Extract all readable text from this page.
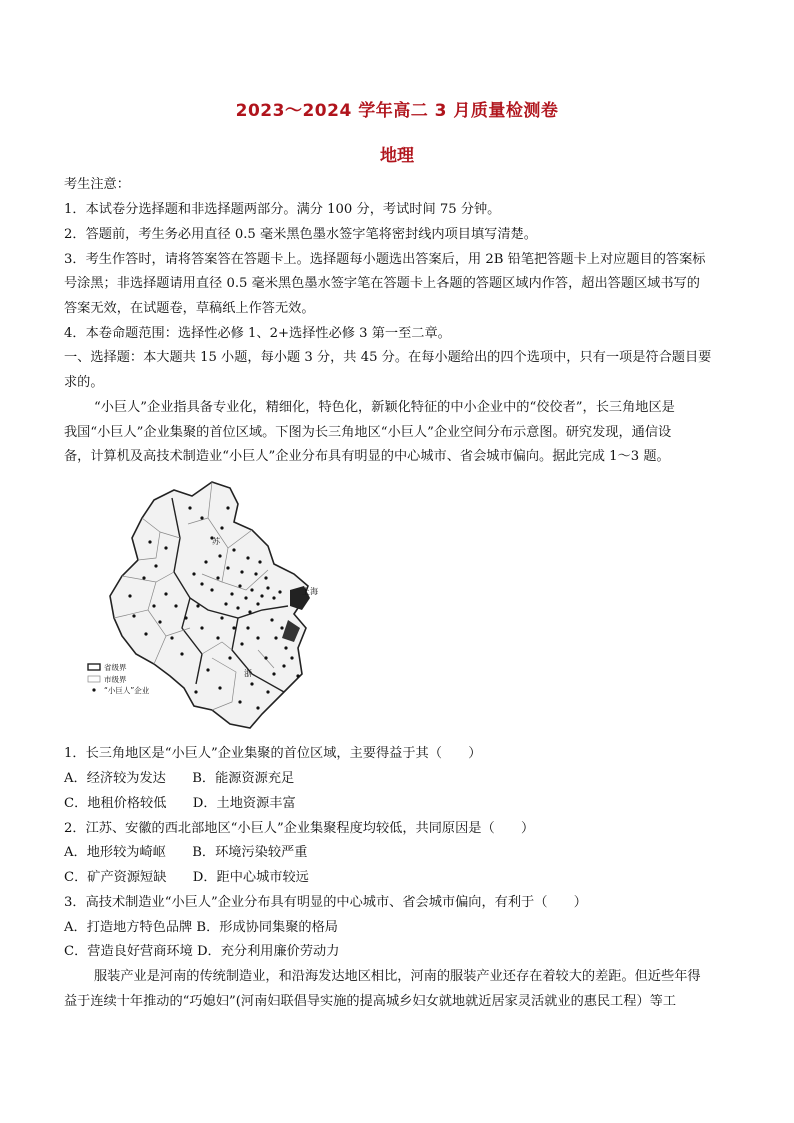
2023～2024 学年高二 3 月质量检测卷
地理
考生注意：
1．本试卷分选择题和非选择题两部分。满分 100 分，考试时间 75 分钟。
2．答题前，考生务必用直径 0.5 毫米黑色墨水签字笔将密封线内项目填写清楚。
3．考生作答时，请将答案答在答题卡上。选择题每小题选出答案后，用 2B 铅笔把答题卡上对应题目的答案标
号涂黑；非选择题请用直径 0.5 毫米黑色墨水签字笔在答题卡上各题的答题区域内作答，超出答题区域书写的
答案无效，在试题卷，草稿纸上作答无效。
4．本卷命题范围：选择性必修 1、2+选择性必修 3 第一至二章。
一、选择题：本大题共 15 小题，每小题 3 分，共 45 分。在每小题给出的四个选项中，只有一项是符合题目要
求的。
“小巨人”企业指具备专业化，精细化，特色化，新颖化特征的中小企业中的“佼佼者”，长三角地区是
我国“小巨人”企业集聚的首位区域。下图为长三角地区“小巨人”企业空间分布示意图。研究发现，通信设
备，计算机及高技术制造业“小巨人”企业分布具有明显的中心城市、省会城市偏向。据此完成 1～3 题。
上海
苏
浙
省级界
市级界
“小巨人”企业
1．长三角地区是“小巨人”企业集聚的首位区域，主要得益于其（　　）
A．经济较为发达　　B．能源资源充足
C．地租价格较低　　D．土地资源丰富
2．江苏、安徽的西北部地区“小巨人”企业集聚程度均较低，共同原因是（　　）
A．地形较为崎岖　　B．环境污染较严重
C．矿产资源短缺　　D．距中心城市较远
3．高技术制造业“小巨人”企业分布具有明显的中心城市、省会城市偏向，有利于（　　）
A．打造地方特色品牌 B．形成协同集聚的格局
C．营造良好营商环境 D．充分利用廉价劳动力
服装产业是河南的传统制造业，和沿海发达地区相比，河南的服装产业还存在着较大的差距。但近些年得
益于连续十年推动的“巧媳妇”(河南妇联倡导实施的提高城乡妇女就地就近居家灵活就业的惠民工程）等工
